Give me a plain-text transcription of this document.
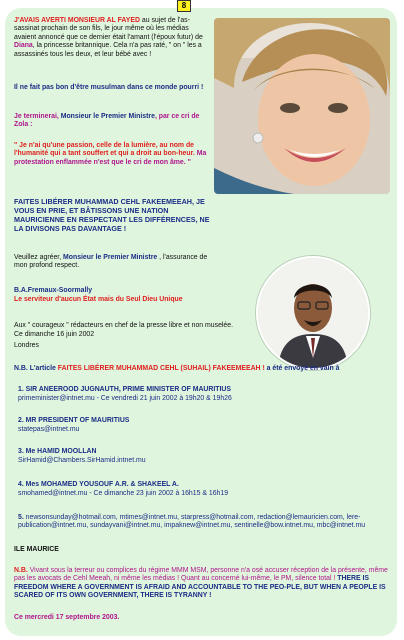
8

J'AVAIS AVERTI MONSIEUR AL FAYED au sujet de l'as-sassinat prochain de son fils, le jour même où les médias avaient annoncé que ce dernier était l'amant (l'époux futur) de Diana, la princesse britannique. Cela n'a pas raté, " on " les a assassinés tous les deux, et leur bébé avec !

Il ne fait pas bon d'être musulman dans ce monde pourri !

Je terminerai, Monsieur le Premier Ministre, par ce cri de Zola :

" Je n'ai qu'une passion, celle de la lumière, au nom de l'humanité qui a tant souffert et qui a droit au bon-heur. Ma protestation enflammée n'est que le cri de mon âme. "

FAITES LIBÉRER MUHAMMAD CEHL FAKEEMEEAH, JE VOUS EN PRIE, ET BÂTISSONS UNE NATION MAURICIENNE EN RESPECTANT LES DIFFÉRENCES, NE LA DIVISONS PAS DAVANTAGE !

Veuillez agréer, Monsieur le Premier Ministre , l'assurance de mon profond respect.

B.A.Fremaux-Soormally

Le serviteur d'aucun État mais du Seul Dieu Unique

Aux " courageux " rédacteurs en chef de la presse libre et non muselée.

Ce dimanche 16 juin 2002

Londres

N.B. L'article FAITES LIBÉRER MUHAMMAD CEHL (SUHAIL) FAKEEMEEAH ! a été envoyé en vain à

1. SIR ANEEROOD JUGNAUTH, PRIME MINISTER OF MAURITIUS

primeminister@intnet.mu - Ce vendredi 21 juin 2002 à 19h20 & 19h26

2. MR PRESIDENT OF MAURITIUS

statepas@intnet.mu

3. Me HAMID MOOLLAN

SirHamid@Chambers.SirHamid.intnet.mu

4. Mes MOHAMED YOUSOUF A.R. & SHAKEEL A.

smohamed@intnet.mu - Ce dimanche 23 juin 2002 à 16h15 & 16h19

5. newsonsunday@hotmail.com, mtimes@intnet.mu, starpress@hotmail.com, redaction@lemauricien.com, lere-publication@intnet.mu, sundayvani@intnet.mu, impaknew@intnet.mu, sentinelle@bow.intnet.mu, mbc@intnet.mu

ILE MAURICE

N.B. Vivant sous la terreur ou complices du régime MMM MSM, personne n'a osé accuser réception de la présente, même pas les avocats de Cehl Meeah, ni même les médias ! Quant au concerné lui-même, le PM, silence total ! THERE IS FREEDOM WHERE A GOVERNMENT IS AFRAID AND ACCOUNTABLE TO THE PEO-PLE, BUT WHEN A PEOPLE IS SCARED OF ITS OWN GOVERNMENT, THERE IS TYRANNY !

Ce mercredi 17 septembre 2003.
